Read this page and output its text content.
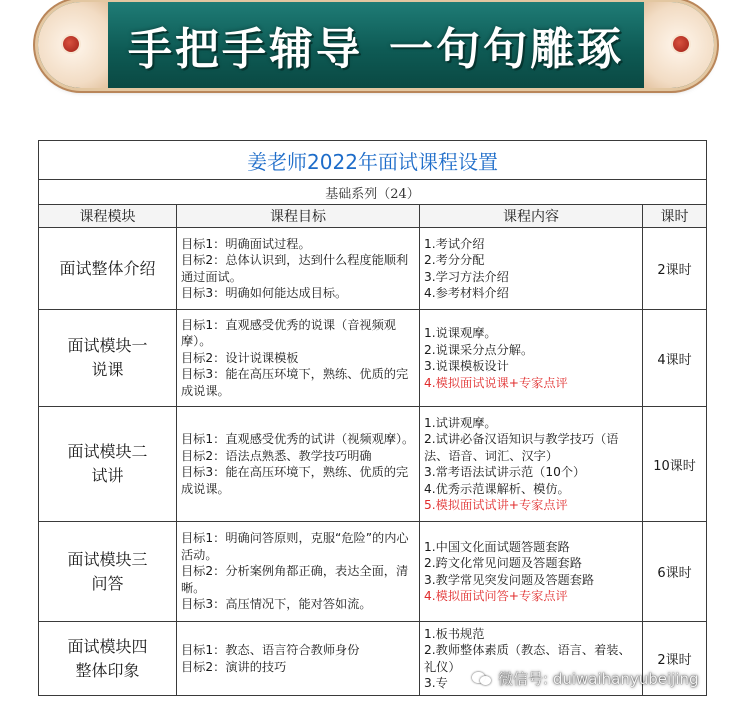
手把手辅导 一句句雕琢
姜老师2022年面试课程设置			
基础系列（24）			
课程模块	课程目标	课程内容	课时

面试整体介绍	目标1：明确面试过程。
目标2：总体认识到，达到什么程度能顺利通过面试。
目标3：明确如何能达成目标。	1.考试介绍
2.考分分配
3.学习方法介绍
4.参考材料介绍	2课时

面试模块一
说课	目标1：直观感受优秀的说课（音视频观摩）。
目标2：设计说课模板
目标3：能在高压环境下，熟练、优质的完成说课。	1.说课观摩。
2.说课采分点分解。
3.说课模板设计
4.模拟面试说课+专家点评	4课时

面试模块二
试讲	目标1：直观感受优秀的试讲（视频观摩）。
目标2：语法点熟悉、教学技巧明确
目标3：能在高压环境下，熟练、优质的完成说课。	1.试讲观摩。
2.试讲必备汉语知识与教学技巧（语法、语音、词汇、汉字）
3.常考语法试讲示范（10个）
4.优秀示范课解析、模仿。
5.模拟面试试讲+专家点评	10课时

面试模块三
问答	目标1：明确问答原则，克服“危险”的内心活动。
目标2：分析案例角都正确，表达全面，清晰。
目标3：高压情况下，能对答如流。	1.中国文化面试题答题套路
2.跨文化常见问题及答题套路
3.教学常见突发问题及答题套路
4.模拟面试问答+专家点评	6课时

面试模块四
整体印象	目标1：教态、语言符合教师身份
目标2：演讲的技巧	1.板书规范
2.教师整体素质（教态、语言、着装、礼仪）
3.专	2课时
微信号: duiwaihanyubeijing
